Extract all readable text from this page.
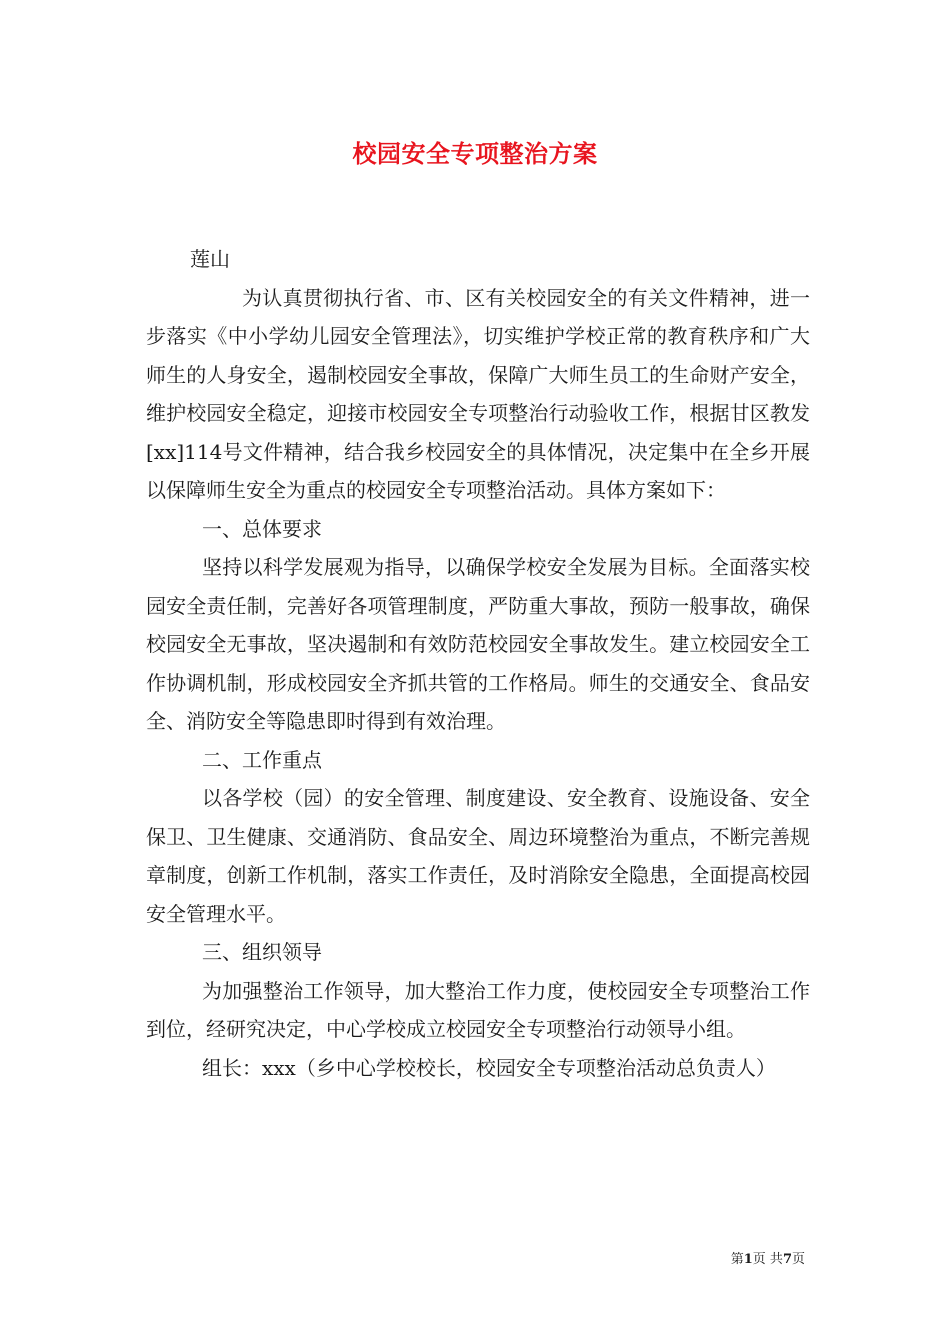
校园安全专项整治方案

莲山

为认真贯彻执行省、市、区有关校园安全的有关文件精神，进一步落实《中小学幼儿园安全管理法》，切实维护学校正常的教育秩序和广大师生的人身安全，遏制校园安全事故，保障广大师生员工的生命财产安全，维护校园安全稳定，迎接市校园安全专项整治行动验收工作，根据甘区教发[xx]114号文件精神，结合我乡校园安全的具体情况，决定集中在全乡开展以保障师生安全为重点的校园安全专项整治活动。具体方案如下：

一、总体要求

坚持以科学发展观为指导，以确保学校安全发展为目标。全面落实校园安全责任制，完善好各项管理制度，严防重大事故，预防一般事故，确保校园安全无事故，坚决遏制和有效防范校园安全事故发生。建立校园安全工作协调机制，形成校园安全齐抓共管的工作格局。师生的交通安全、食品安全、消防安全等隐患即时得到有效治理。

二、工作重点

以各学校（园）的安全管理、制度建设、安全教育、设施设备、安全保卫、卫生健康、交通消防、食品安全、周边环境整治为重点，不断完善规章制度，创新工作机制，落实工作责任，及时消除安全隐患，全面提高校园安全管理水平。

三、组织领导

为加强整治工作领导，加大整治工作力度，使校园安全专项整治工作到位，经研究决定，中心学校成立校园安全专项整治行动领导小组。

组长：xxx（乡中心学校校长，校园安全专项整治活动总负责人）

第1页 共7页
